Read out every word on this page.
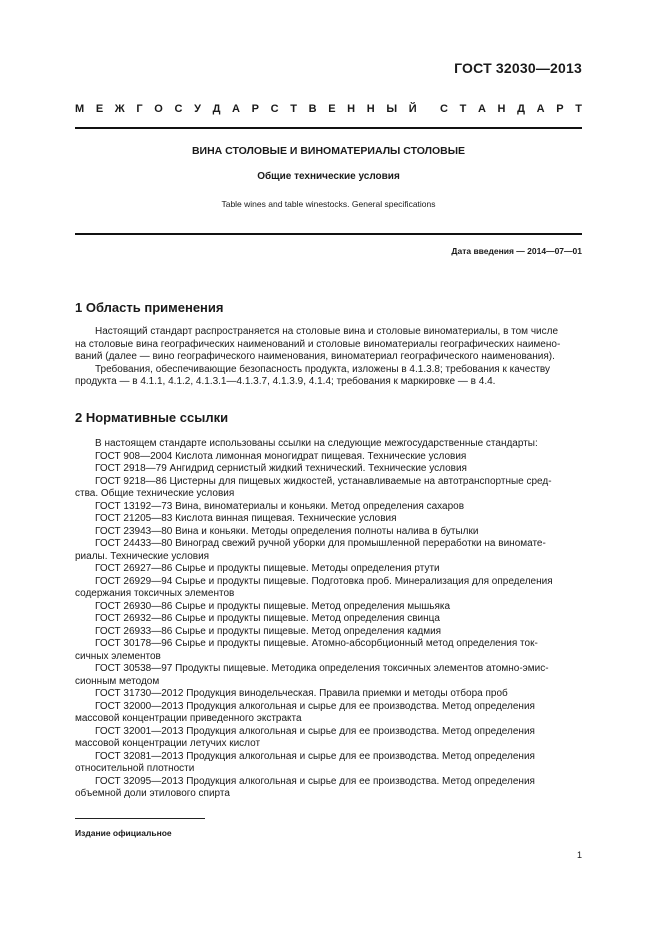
ГОСТ 32030—2013
М Е Ж Г О С У Д А Р С Т В Е Н Н Ы Й С Т А Н Д А Р Т
ВИНА СТОЛОВЫЕ И ВИНОМАТЕРИАЛЫ СТОЛОВЫЕ
Общие технические условия
Table wines and table winestocks. General specifications
Дата введения — 2014—07—01

1 Область применения

Настоящий стандарт распространяется на столовые вина и столовые виноматериалы, в том числе
на столовые вина географических наименований и столовые виноматериалы географических наимено-
ваний (далее — вино географического наименования, виноматериал географического наименования).
Требования, обеспечивающие безопасность продукта, изложены в 4.1.3.8; требования к качеству
продукта — в 4.1.1, 4.1.2, 4.1.3.1—4.1.3.7, 4.1.3.9, 4.1.4; требования к маркировке — в 4.4.

2 Нормативные ссылки

В настоящем стандарте использованы ссылки на следующие межгосударственные стандарты:
ГОСТ 908—2004 Кислота лимонная моногидрат пищевая. Технические условия
ГОСТ 2918—79 Ангидрид сернистый жидкий технический. Технические условия
ГОСТ 9218—86 Цистерны для пищевых жидкостей, устанавливаемые на автотранспортные сред-
ства. Общие технические условия
ГОСТ 13192—73 Вина, виноматериалы и коньяки. Метод определения сахаров
ГОСТ 21205—83 Кислота винная пищевая. Технические условия
ГОСТ 23943—80 Вина и коньяки. Методы определения полноты налива в бутылки
ГОСТ 24433—80 Виноград свежий ручной уборки для промышленной переработки на виномате-
риалы. Технические условия
ГОСТ 26927—86 Сырье и продукты пищевые. Методы определения ртути
ГОСТ 26929—94 Сырье и продукты пищевые. Подготовка проб. Минерализация для определения
содержания токсичных элементов
ГОСТ 26930—86 Сырье и продукты пищевые. Метод определения мышьяка
ГОСТ 26932—86 Сырье и продукты пищевые. Метод определения свинца
ГОСТ 26933—86 Сырье и продукты пищевые. Метод определения кадмия
ГОСТ 30178—96 Сырье и продукты пищевые. Атомно-абсорбционный метод определения ток-
сичных элементов
ГОСТ 30538—97 Продукты пищевые. Методика определения токсичных элементов атомно-эмис-
сионным методом
ГОСТ 31730—2012 Продукция винодельческая. Правила приемки и методы отбора проб
ГОСТ 32000—2013 Продукция алкогольная и сырье для ее производства. Метод определения
массовой концентрации приведенного экстракта
ГОСТ 32001—2013 Продукция алкогольная и сырье для ее производства. Метод определения
массовой концентрации летучих кислот
ГОСТ 32081—2013 Продукция алкогольная и сырье для ее производства. Метод определения
относительной плотности
ГОСТ 32095—2013 Продукция алкогольная и сырье для ее производства. Метод определения
объемной доли этилового спирта
Издание официальное
1
